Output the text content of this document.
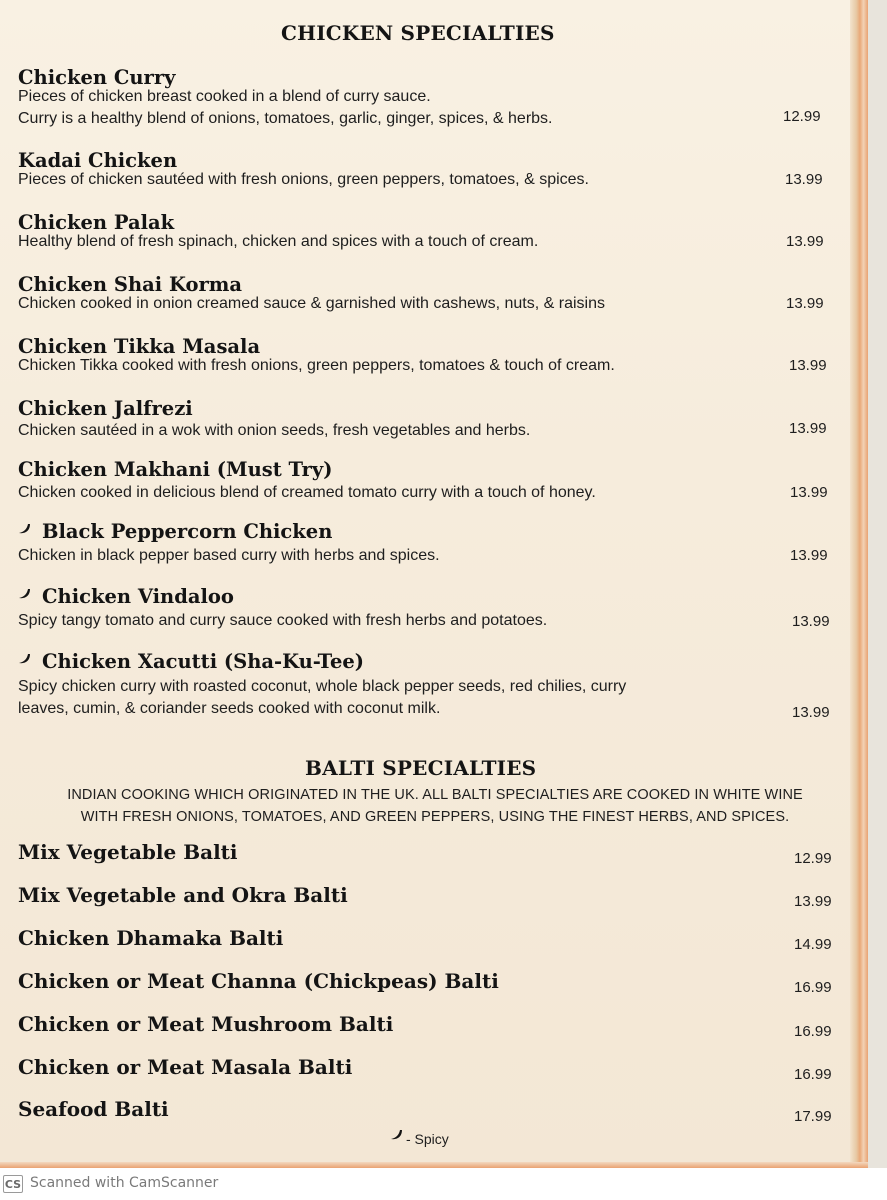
CHICKEN SPECIALTIES
Chicken Curry
Pieces of chicken breast cooked in a blend of curry sauce.
Curry is a healthy blend of onions, tomatoes, garlic, ginger, spices, & herbs.	12.99
Kadai Chicken
Pieces of chicken sautéed with fresh onions, green peppers, tomatoes, & spices.	13.99
Chicken Palak
Healthy blend of fresh spinach, chicken and spices with a touch of cream.	13.99
Chicken Shai Korma
Chicken cooked in onion creamed sauce & garnished with cashews, nuts, & raisins	13.99
Chicken Tikka Masala
Chicken Tikka cooked with fresh onions, green peppers, tomatoes & touch of cream.	13.99
Chicken Jalfrezi
Chicken sautéed in a wok with onion seeds, fresh vegetables and herbs.	13.99
Chicken Makhani (Must Try)
Chicken cooked in delicious blend of creamed tomato curry with a touch of honey.	13.99
Black Peppercorn Chicken
Chicken in black pepper based curry with herbs and spices.	13.99
Chicken Vindaloo
Spicy tangy tomato and curry sauce cooked with fresh herbs and potatoes.	13.99
Chicken Xacutti (Sha-Ku-Tee)
Spicy chicken curry with roasted coconut, whole black pepper seeds, red chilies, curry
leaves, cumin, & coriander seeds cooked with coconut milk.	13.99
BALTI SPECIALTIES
INDIAN COOKING WHICH ORIGINATED IN THE UK. ALL BALTI SPECIALTIES ARE COOKED IN WHITE WINE
WITH FRESH ONIONS, TOMATOES, AND GREEN PEPPERS, USING THE FINEST HERBS, AND SPICES.
Mix Vegetable Balti	12.99
Mix Vegetable and Okra Balti	13.99
Chicken Dhamaka Balti	14.99
Chicken or Meat Channa (Chickpeas) Balti	16.99
Chicken or Meat Mushroom Balti	16.99
Chicken or Meat Masala Balti	16.99
Seafood Balti	17.99
- Spicy
CS Scanned with CamScanner
